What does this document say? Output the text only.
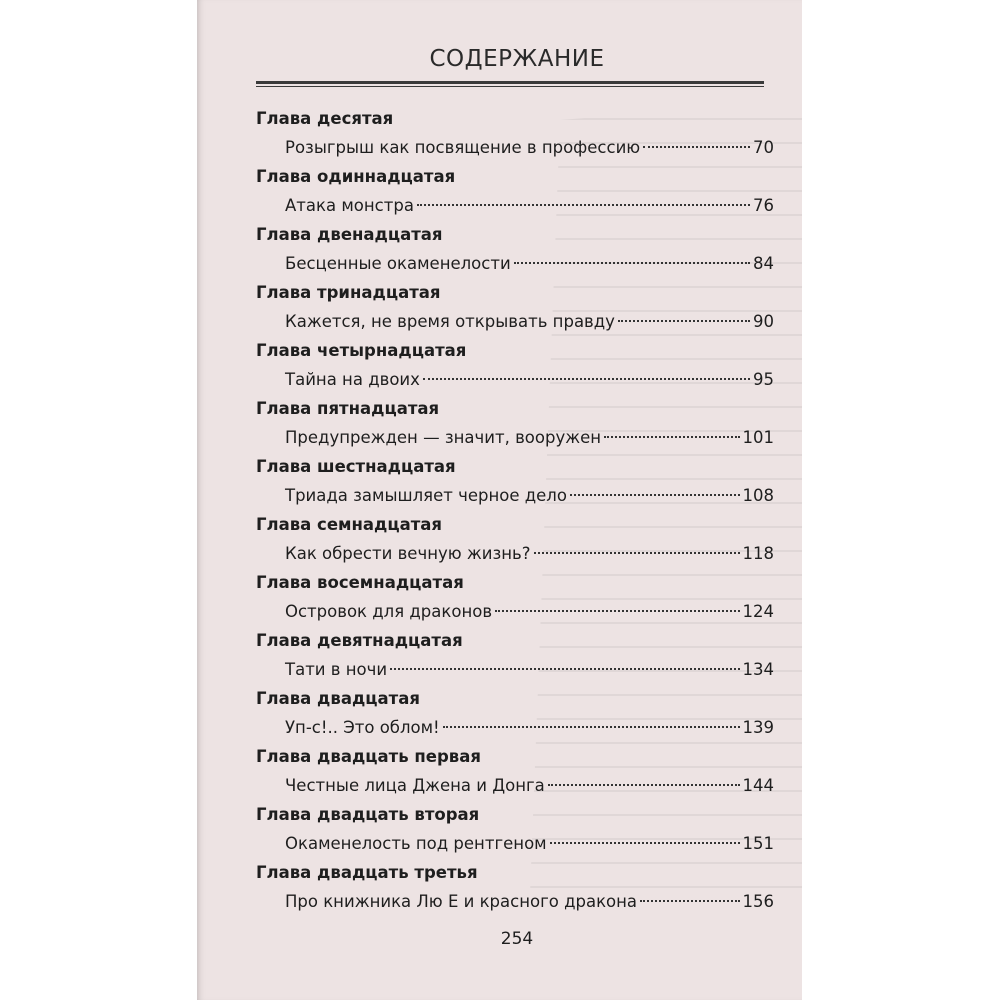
СОДЕРЖАНИЕ
Глава десятая
Розыгрыш как посвящение в профессию	70
Глава одиннадцатая
Атака монстра	76
Глава двенадцатая
Бесценные окаменелости	84
Глава тринадцатая
Кажется, не время открывать правду	90
Глава четырнадцатая
Тайна на двоих	95
Глава пятнадцатая
Предупрежден — значит, вооружен	101
Глава шестнадцатая
Триада замышляет черное дело	108
Глава семнадцатая
Как обрести вечную жизнь?	118
Глава восемнадцатая
Островок для драконов	124
Глава девятнадцатая
Тати в ночи	134
Глава двадцатая
Уп-с!.. Это облом!	139
Глава двадцать первая
Честные лица Джена и Донга	144
Глава двадцать вторая
Окаменелость под рентгеном	151
Глава двадцать третья
Про книжника Лю Е и красного дракона	156
254
